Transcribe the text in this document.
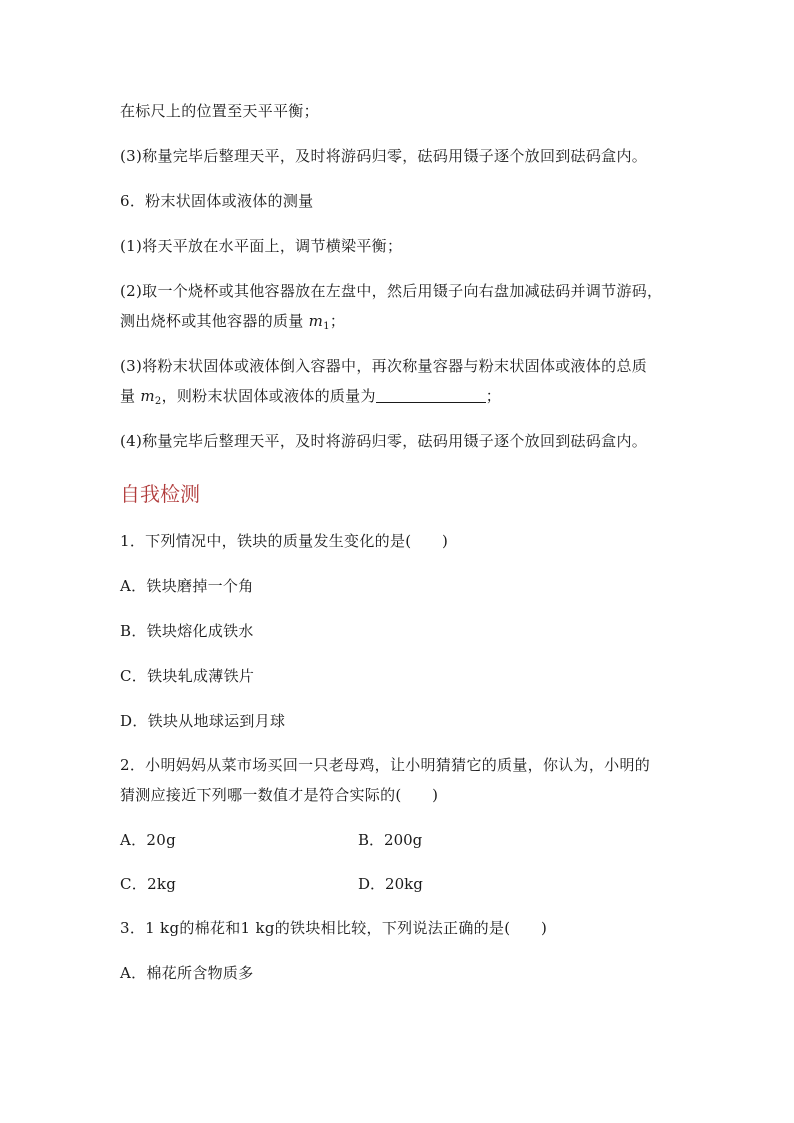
在标尺上的位置至天平平衡；
(3)称量完毕后整理天平，及时将游码归零，砝码用镊子逐个放回到砝码盒内。
6．粉末状固体或液体的测量
(1)将天平放在水平面上，调节横梁平衡；
(2)取一个烧杯或其他容器放在左盘中，然后用镊子向右盘加减砝码并调节游码，
测出烧杯或其他容器的质量 $m_1$；
(3)将粉末状固体或液体倒入容器中，再次称量容器与粉末状固体或液体的总质
量 $m_2$，则粉末状固体或液体的质量为	；
(4)称量完毕后整理天平，及时将游码归零，砝码用镊子逐个放回到砝码盒内。
自我检测
1．下列情况中，铁块的质量发生变化的是(　　)
A．铁块磨掉一个角
B．铁块熔化成铁水
C．铁块轧成薄铁片
D．铁块从地球运到月球
2．小明妈妈从菜市场买回一只老母鸡，让小明猜猜它的质量，你认为，小明的
猜测应接近下列哪一数值才是符合实际的(　　)
A．20g	B．200g
C．2kg	D．20kg
3．1 kg的棉花和1 kg的铁块相比较，下列说法正确的是(　　)
A．棉花所含物质多
